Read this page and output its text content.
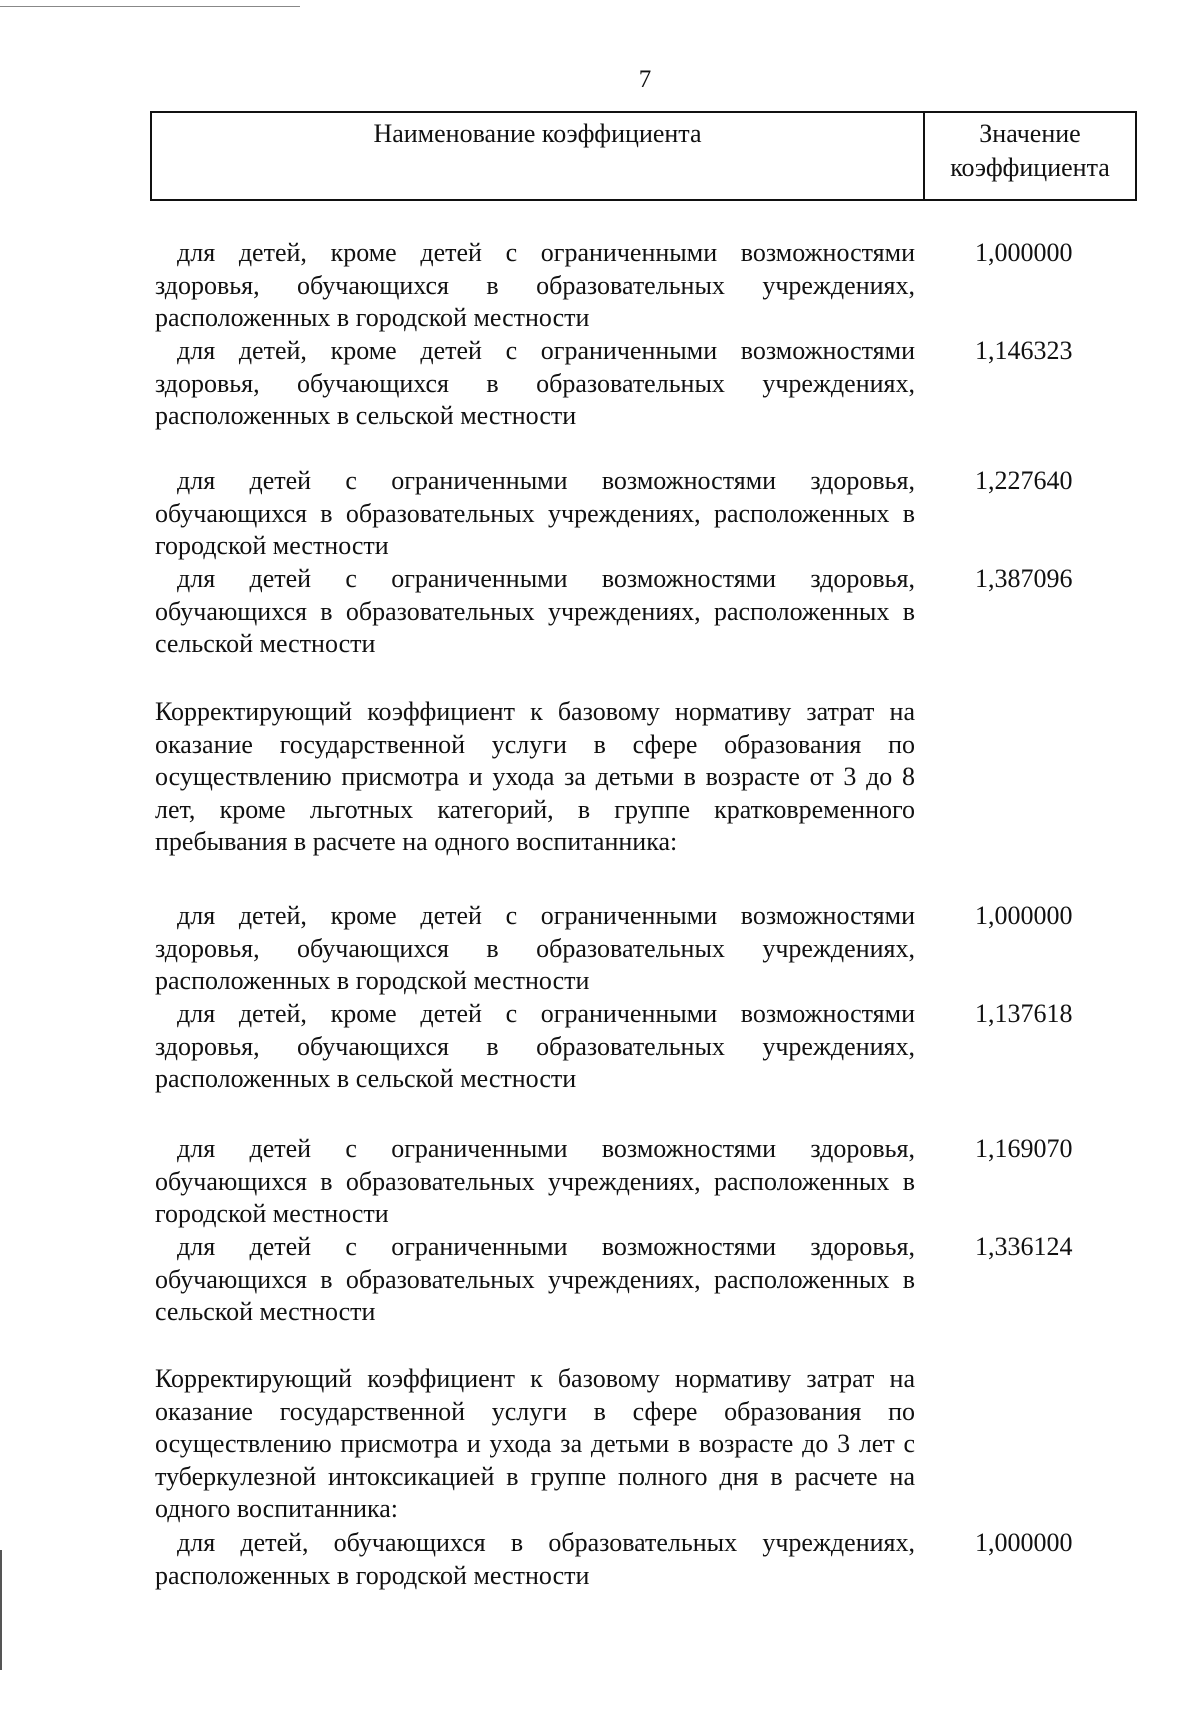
7
Наименование коэффициента	Значение
коэффициента
для детей, кроме детей с ограниченными возможностями здоровья, обучающихся в образовательных учреждениях, расположенных в городской местности
1,000000
для детей, кроме детей с ограниченными возможностями здоровья, обучающихся в образовательных учреждениях, расположенных в сельской местности
1,146323
для детей с ограниченными возможностями здоровья, обучающихся в образовательных учреждениях, расположенных в городской местности
1,227640
для детей с ограниченными возможностями здоровья, обучающихся в образовательных учреждениях, расположенных в сельской местности
1,387096
для детей, кроме детей с ограниченными возможностями здоровья, обучающихся в образовательных учреждениях, расположенных в городской местности
1,000000
для детей, кроме детей с ограниченными возможностями здоровья, обучающихся в образовательных учреждениях, расположенных в сельской местности
1,137618
для детей с ограниченными возможностями здоровья, обучающихся в образовательных учреждениях, расположенных в городской местности
1,169070
для детей с ограниченными возможностями здоровья, обучающихся в образовательных учреждениях, расположенных в сельской местности
1,336124
для детей, обучающихся в образовательных учреждениях, расположенных в городской местности
1,000000
Корректирующий коэффициент к базовому нормативу затрат на оказание государственной услуги в сфере образования по осуществлению присмотра и ухода за детьми в возрасте от 3 до 8 лет, кроме льготных категорий, в группе кратковременного пребывания в расчете на одного воспитанника:
Корректирующий коэффициент к базовому нормативу затрат на оказание государственной услуги в сфере образования по осуществлению присмотра и ухода за детьми в возрасте до 3 лет с туберкулезной интоксикацией в группе полного дня в расчете на одного воспитанника:
